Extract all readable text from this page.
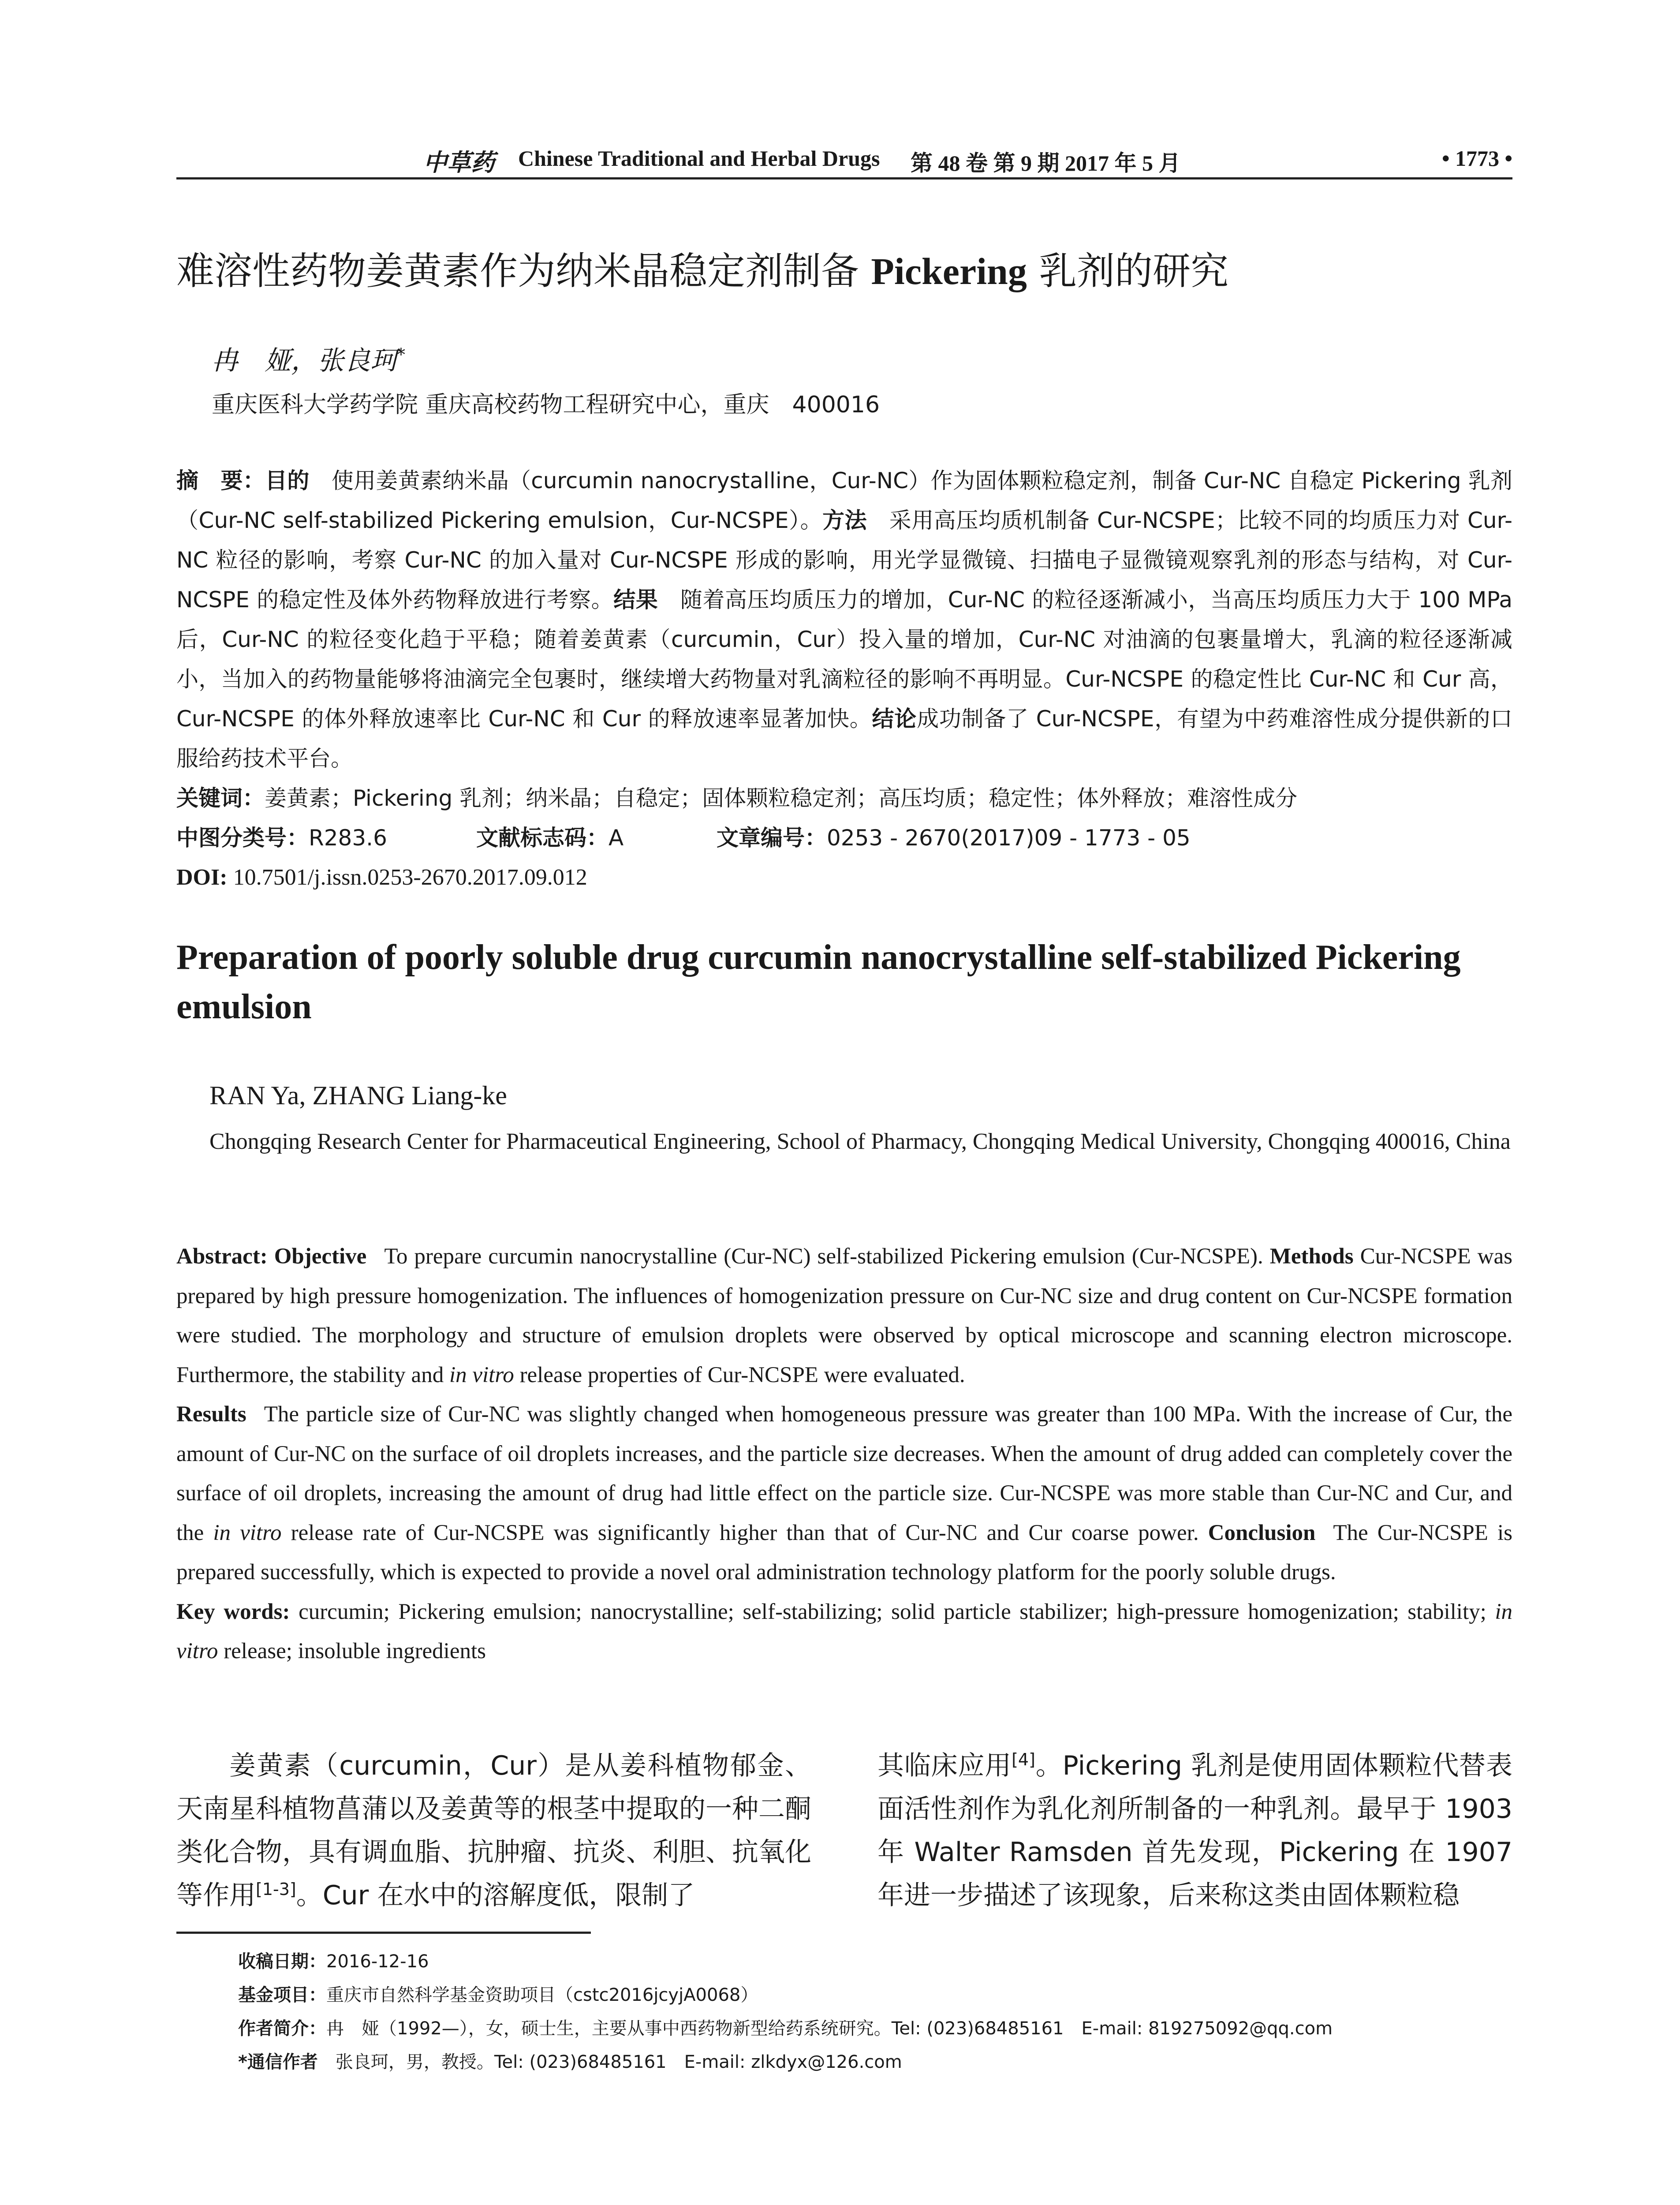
中草药 Chinese Traditional and Herbal Drugs 第 48 卷 第 9 期 2017 年 5 月	• 1773 •
难溶性药物姜黄素作为纳米晶稳定剂制备 Pickering 乳剂的研究
冉　娅，张良珂*
重庆医科大学药学院 重庆高校药物工程研究中心，重庆　400016
摘　要：目的 使用姜黄素纳米晶（curcumin nanocrystalline，Cur-NC）作为固体颗粒稳定剂，制备 Cur-NC 自稳定 Pickering 乳剂（Cur-NC self-stabilized Pickering emulsion，Cur-NCSPE）。方法 采用高压均质机制备 Cur-NCSPE；比较不同的均质压力对 Cur-NC 粒径的影响，考察 Cur-NC 的加入量对 Cur-NCSPE 形成的影响，用光学显微镜、扫描电子显微镜观察乳剂的形态与结构，对 Cur-NCSPE 的稳定性及体外药物释放进行考察。结果 随着高压均质压力的增加，Cur-NC 的粒径逐渐减小，当高压均质压力大于 100 MPa 后，Cur-NC 的粒径变化趋于平稳；随着姜黄素（curcumin，Cur）投入量的增加，Cur-NC 对油滴的包裹量增大，乳滴的粒径逐渐减小，当加入的药物量能够将油滴完全包裹时，继续增大药物量对乳滴粒径的影响不再明显。Cur-NCSPE 的稳定性比 Cur-NC 和 Cur 高，Cur-NCSPE 的体外释放速率比 Cur-NC 和 Cur 的释放速率显著加快。结论成功制备了 Cur-NCSPE，有望为中药难溶性成分提供新的口服给药技术平台。
关键词：姜黄素；Pickering 乳剂；纳米晶；自稳定；固体颗粒稳定剂；高压均质；稳定性；体外释放；难溶性成分
中图分类号：R283.6	文献标志码：A	文章编号：0253 - 2670(2017)09 - 1773 - 05
DOI: 10.7501/j.issn.0253-2670.2017.09.012
Preparation of poorly soluble drug curcumin nanocrystalline self-stabilized Pickering emulsion
RAN Ya, ZHANG Liang-ke
Chongqing Research Center for Pharmaceutical Engineering, School of Pharmacy, Chongqing Medical University, Chongqing 400016, China
Abstract: Objective To prepare curcumin nanocrystalline (Cur-NC) self-stabilized Pickering emulsion (Cur-NCSPE). Methods Cur-NCSPE was prepared by high pressure homogenization. The influences of homogenization pressure on Cur-NC size and drug content on Cur-NCSPE formation were studied. The morphology and structure of emulsion droplets were observed by optical microscope and scanning electron microscope. Furthermore, the stability and in vitro release properties of Cur-NCSPE were evaluated.
Results The particle size of Cur-NC was slightly changed when homogeneous pressure was greater than 100 MPa. With the increase of Cur, the amount of Cur-NC on the surface of oil droplets increases, and the particle size decreases. When the amount of drug added can completely cover the surface of oil droplets, increasing the amount of drug had little effect on the particle size. Cur-NCSPE was more stable than Cur-NC and Cur, and the in vitro release rate of Cur-NCSPE was significantly higher than that of Cur-NC and Cur coarse power. Conclusion The Cur-NCSPE is prepared successfully, which is expected to provide a novel oral administration technology platform for the poorly soluble drugs.
Key words: curcumin; Pickering emulsion; nanocrystalline; self-stabilizing; solid particle stabilizer; high-pressure homogenization; stability; in vitro release; insoluble ingredients
姜黄素（curcumin，Cur）是从姜科植物郁金、天南星科植物菖蒲以及姜黄等的根茎中提取的一种二酮类化合物，具有调血脂、抗肿瘤、抗炎、利胆、抗氧化等作用[1-3]。Cur 在水中的溶解度低，限制了
其临床应用[4]。Pickering 乳剂是使用固体颗粒代替表面活性剂作为乳化剂所制备的一种乳剂。最早于 1903 年 Walter Ramsden 首先发现，Pickering 在 1907 年进一步描述了该现象，后来称这类由固体颗粒稳
收稿日期：2016-12-16
基金项目：重庆市自然科学基金资助项目（cstc2016jcyjA0068）
作者简介：冉　娅（1992—），女，硕士生，主要从事中西药物新型给药系统研究。Tel: (023)68485161　E-mail: 819275092@qq.com
*通信作者　 张良珂，男，教授。Tel: (023)68485161　E-mail: zlkdyx@126.com
